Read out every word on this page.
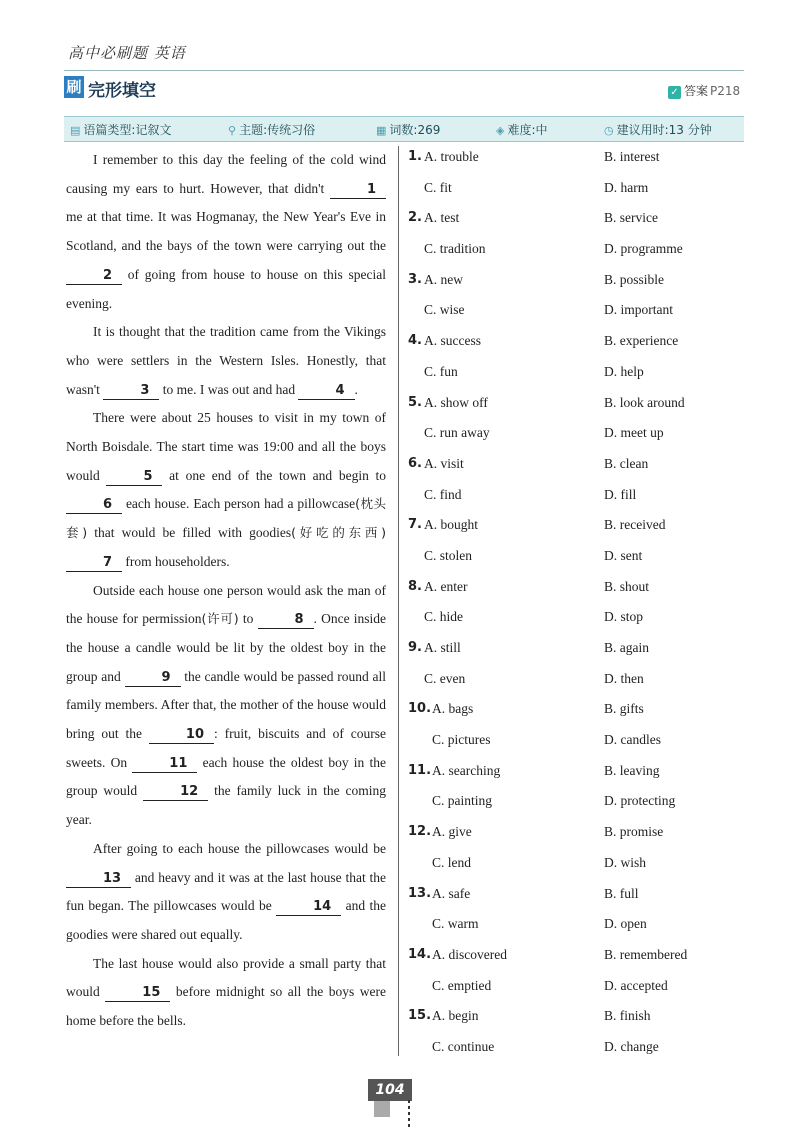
高中必刷题 英语
刷 完形填空	✓ 答案 P218
▤ 语篇类型:记叙文	⚲ 主题:传统习俗	▦ 词数:269	◈ 难度:中	◷ 建议用时:13 分钟

I remember to this day the feeling of the cold wind causing my ears to hurt. However, that didn't	1 me at that time. It was Hogmanay, the New Year's Eve in Scotland, and the bays of the town were carrying out the 2 of going from house to house on this special evening.

It is thought that the tradition came from the Vikings who were settlers in the Western Isles. Honestly, that wasn't	3 to me. I was out and had	4 .

There were about 25 houses to visit in my town of North Boisdale. The start time was 19:00 and all the boys would	5 at one end of the town and begin to 6 each house. Each person had a pillowcase(枕头套) that would be filled with goodies(好吃的东西) 7 from householders.

Outside each house one person would ask the man of the house for permission(许可) to	8 . Once inside the house a candle would be lit by the oldest boy in the group and	9 the candle would be passed round all family members. After that, the mother of the house would bring out the	10 : fruit, biscuits and of course sweets. On	11 each house the oldest boy in the group would	12 the family luck in the coming year.

After going to each house the pillowcases would be 13 and heavy and it was at the last house that the fun began. The pillowcases would be	14 and the goodies were shared out equally.

The last house would also provide a small party that would	15 before midnight so all the boys were home before the bells.

1. A. trouble	B. interest
C. fit	D. harm
2. A. test	B. service
C. tradition	D. programme
3. A. new	B. possible
C. wise	D. important
4. A. success	B. experience
C. fun	D. help
5. A. show off	B. look around
C. run away	D. meet up
6. A. visit	B. clean
C. find	D. fill
7. A. bought	B. received
C. stolen	D. sent
8. A. enter	B. shout
C. hide	D. stop
9. A. still	B. again
C. even	D. then
10. A. bags	B. gifts
C. pictures	D. candles
11. A. searching	B. leaving
C. painting	D. protecting
12. A. give	B. promise
C. lend	D. wish
13. A. safe	B. full
C. warm	D. open
14. A. discovered	B. remembered
C. emptied	D. accepted
15. A. begin	B. finish
C. continue	D. change
104
